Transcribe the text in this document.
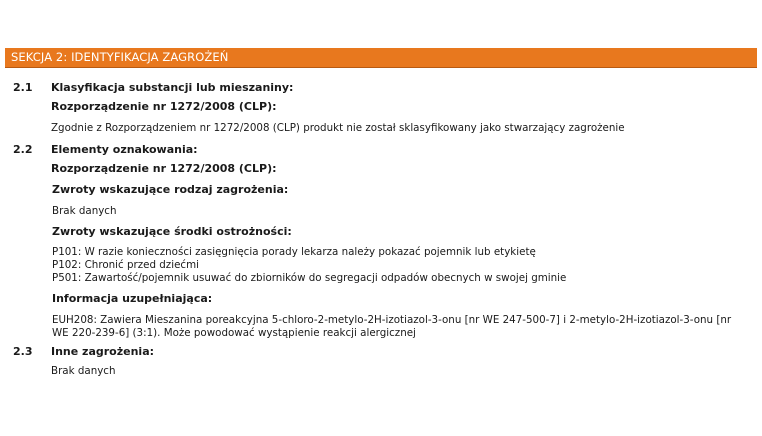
SEKCJA 2: IDENTYFIKACJA ZAGROŻEŃ
2.1 Klasyfikacja substancji lub mieszaniny:
Rozporządzenie nr 1272/2008 (CLP):
Zgodnie z Rozporządzeniem nr 1272/2008 (CLP) produkt nie został sklasyfikowany jako stwarzający zagrożenie
2.2 Elementy oznakowania:
Rozporządzenie nr 1272/2008 (CLP):
Zwroty wskazujące rodzaj zagrożenia:
Brak danych
Zwroty wskazujące środki ostrożności:
P101: W razie konieczności zasięgnięcia porady lekarza należy pokazać pojemnik lub etykietę
P102: Chronić przed dziećmi
P501: Zawartość/pojemnik usuwać do zbiorników do segregacji odpadów obecnych w swojej gminie
Informacja uzupełniająca:
EUH208: Zawiera Mieszanina poreakcyjna 5-chloro-2-metylo-2H-izotiazol-3-onu [nr WE 247-500-7] i 2-metylo-2H-izotiazol-3-onu [nr
WE 220-239-6] (3:1). Może powodować wystąpienie reakcji alergicznej
2.3 Inne zagrożenia:
Brak danych
